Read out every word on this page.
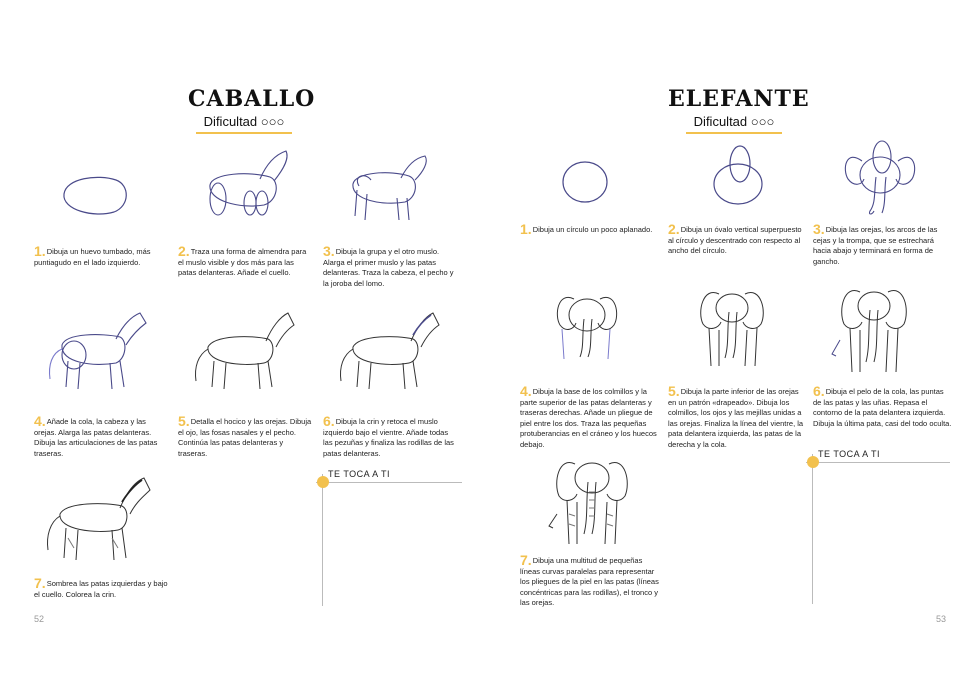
CABALLO
Dificultad ○○○
1.Dibuja un huevo tumbado, más puntiagudo en el lado izquierdo.
2.Traza una forma de almendra para el muslo visible y dos más para las patas delanteras. Añade el cuello.
3.Dibuja la grupa y el otro muslo. Alarga el primer muslo y las patas delanteras. Traza la cabeza, el pecho y la joroba del lomo.
4.Añade la cola, la cabeza y las orejas. Alarga las patas delanteras. Dibuja las articulaciones de las patas traseras.
5.Detalla el hocico y las orejas. Dibuja el ojo, las fosas nasales y el pecho. Continúa las patas delanteras y traseras.
6.Dibuja la crin y retoca el muslo izquierdo bajo el vientre. Añade todas las pezuñas y finaliza las rodillas de las patas delanteras.
7.Sombrea las patas izquierdas y bajo el cuello. Colorea la crin.
TE TOCA A TI
52
ELEFANTE
Dificultad ○○○
1.Dibuja un círculo un poco aplanado.	2.Dibuja un óvalo vertical superpuesto al círculo y descentrado con respecto al ancho del círculo.
3.Dibuja las orejas, los arcos de las cejas y la trompa, que se estrechará hacia abajo y terminará en forma de gancho.
4.Dibuja la base de los colmillos y la parte superior de las patas delanteras y traseras derechas. Añade un pliegue de piel entre los dos. Traza las pequeñas protuberancias en el cráneo y los huecos debajo.
5.Dibuja la parte inferior de las orejas en un patrón «drapeado». Dibuja los colmillos, los ojos y las mejillas unidas a las orejas. Finaliza la línea del vientre, la pata delantera izquierda, las patas de la derecha y la cola.
6.Dibuja el pelo de la cola, las puntas de las patas y las uñas. Repasa el contorno de la pata delantera izquierda. Dibuja la última pata, casi del todo oculta.
TE TOCA A TI
7.Dibuja una multitud de pequeñas líneas curvas paralelas para representar los pliegues de la piel en las patas (líneas concéntricas para las rodillas), el tronco y las orejas.
53
